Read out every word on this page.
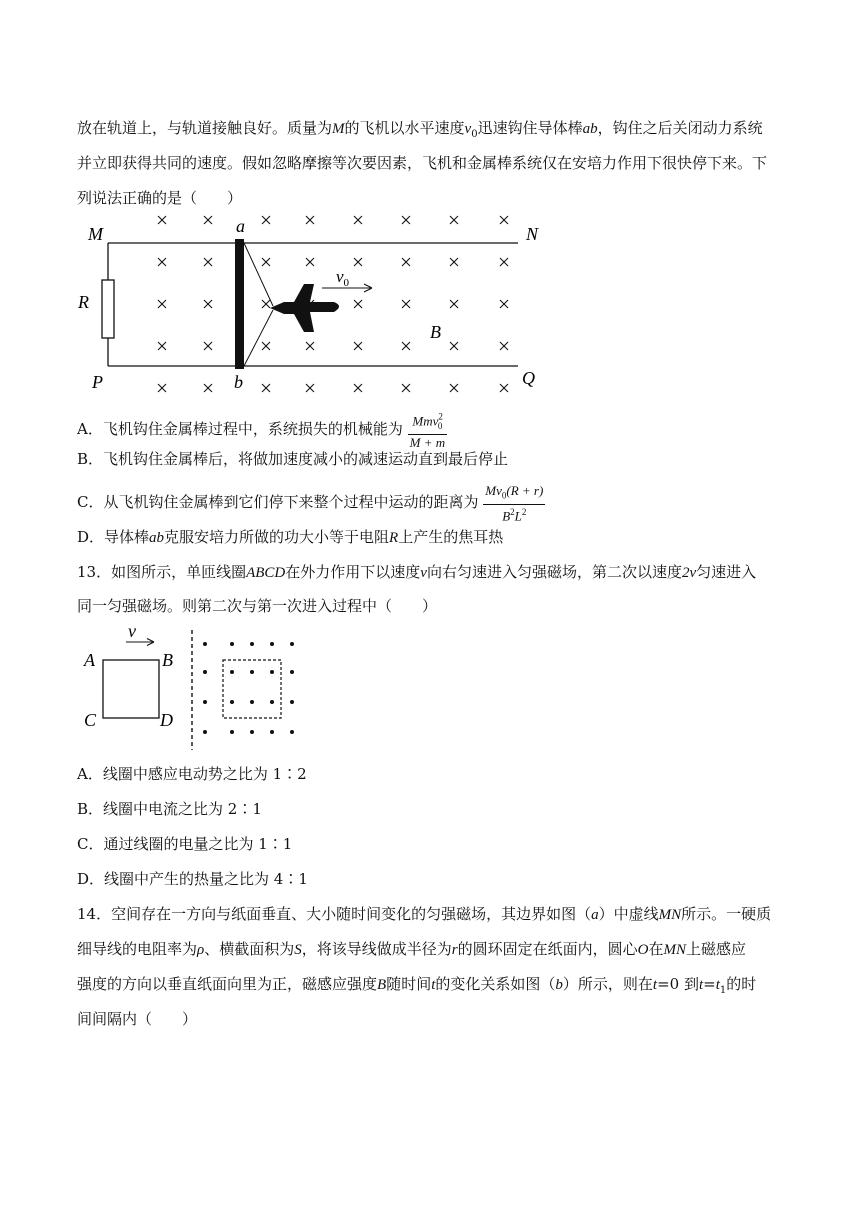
放在轨道上，与轨道接触良好。质量为M的飞机以水平速度$v_0$迅速钩住导体棒ab，钩住之后关闭动力系统
并立即获得共同的速度。假如忽略摩擦等次要因素，飞机和金属棒系统仅在安培力作用下很快停下来。下
列说法正确的是（　　）
$v_0$
M	N
P	Q
a
b
R
B
A．飞机钩住金属棒过程中，系统损失的机械能为 $\frac{Mmv^2_0}{M + m}$
B．飞机钩住金属棒后，将做加速度减小的减速运动直到最后停止
C．从飞机钩住金属棒到它们停下来整个过程中运动的距离为 $\frac{Mv_0(R + r)}{B^2L^2}$
D．导体棒ab克服安培力所做的功大小等于电阻R上产生的焦耳热
13．如图所示，单匝线圈ABCD在外力作用下以速度v向右匀速进入匀强磁场，第二次以速度2v匀速进入
同一匀强磁场。则第二次与第一次进入过程中（　　）
v
A	B
C	D
A．线圈中感应电动势之比为 1∶2
B．线圈中电流之比为 2∶1
C．通过线圈的电量之比为 1∶1
D．线圈中产生的热量之比为 4∶1
14．空间存在一方向与纸面垂直、大小随时间变化的匀强磁场，其边界如图（a）中虚线MN所示。一硬质
细导线的电阻率为ρ、横截面积为S，将该导线做成半径为r的圆环固定在纸面内，圆心O在MN上磁感应
强度的方向以垂直纸面向里为正，磁感应强度B随时间t的变化关系如图（b）所示，则在t=0 到$t=t_1$的时
间间隔内（　　）
